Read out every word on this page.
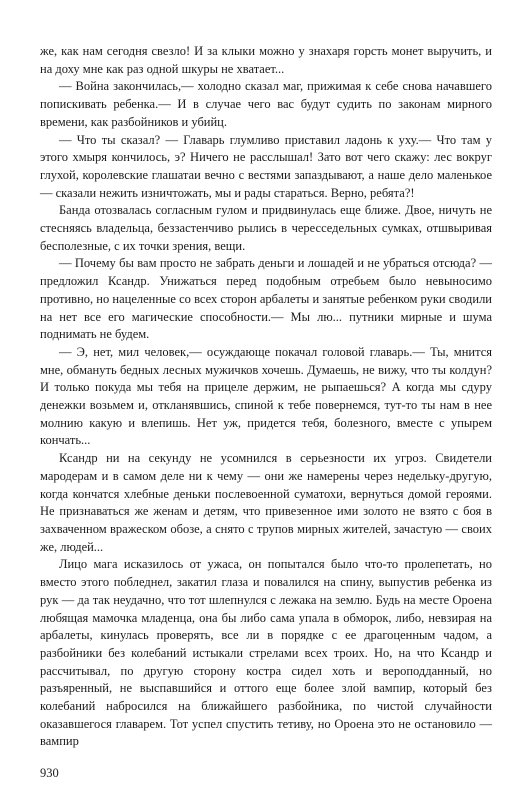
же, как нам сегодня свезло! И за клыки можно у знахаря горсть монет выручить, и на доху мне как раз одной шкуры не хватает...

— Война закончилась,— холодно сказал маг, прижимая к себе снова начавшего попискивать ребенка.— И в случае чего вас будут судить по законам мирного времени, как разбойников и убийц.

— Что ты сказал? — Главарь глумливо приставил ладонь к уху.— Что там у этого хмыря кончилось, э? Ничего не расслышал! Зато вот чего скажу: лес вокруг глухой, королевские глашатаи вечно с вестями запаздывают, а наше дело маленькое — сказали нежить изничтожать, мы и рады стараться. Верно, ребята?!

Банда отозвалась согласным гулом и придвинулась еще ближе. Двое, ничуть не стесняясь владельца, беззастенчиво рылись в чересседельных сумках, отшвыривая бесполезные, с их точки зрения, вещи.

— Почему бы вам просто не забрать деньги и лошадей и не убраться отсюда? — предложил Ксандр. Унижаться перед подобным отребьем было невыносимо противно, но нацеленные со всех сторон арбалеты и занятые ребенком руки сводили на нет все его магические способности.— Мы лю... путники мирные и шума поднимать не будем.

— Э, нет, мил человек,— осуждающе покачал головой главарь.— Ты, мнится мне, обмануть бедных лесных мужичков хочешь. Думаешь, не вижу, что ты колдун? И только покуда мы тебя на прицеле держим, не рыпаешься? А когда мы сдуру денежки возьмем и, откланявшись, спиной к тебе повернемся, тут-то ты нам в нее молнию какую и влепишь. Нет уж, придется тебя, болезного, вместе с упырем кончать...

Ксандр ни на секунду не усомнился в серьезности их угроз. Свидетели мародерам и в самом деле ни к чему — они же намерены через недельку-другую, когда кончатся хлебные деньки послевоенной суматохи, вернуться домой героями. Не признаваться же женам и детям, что привезенное ими золото не взято с боя в захваченном вражеском обозе, а снято с трупов мирных жителей, зачастую — своих же, людей...

Лицо мага исказилось от ужаса, он попытался было что-то пролепетать, но вместо этого побледнел, закатил глаза и повалился на спину, выпустив ребенка из рук — да так неудачно, что тот шлепнулся с лежака на землю. Будь на месте Ороена любящая мамочка младенца, она бы либо сама упала в обморок, либо, невзирая на арбалеты, кинулась проверять, все ли в порядке с ее драгоценным чадом, а разбойники без колебаний истыкали стрелами всех троих. Но, на что Ксандр и рассчитывал, по другую сторону костра сидел хоть и вероподданный, но разъяренный, не выспавшийся и оттого еще более злой вампир, который без колебаний набросился на ближайшего разбойника, по чистой случайности оказавшегося главарем. Тот успел спустить тетиву, но Ороена это не остановило — вампир

930
